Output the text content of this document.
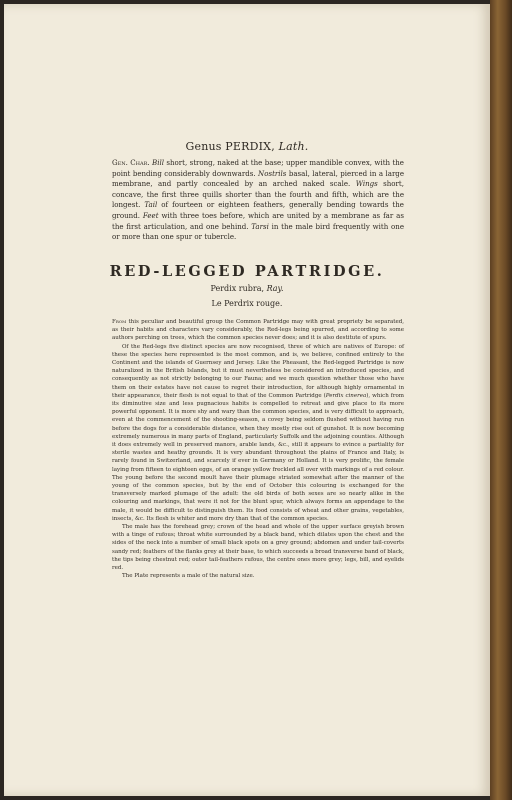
Genus PERDIX, Lath.
Gen. Char. Bill short, strong, naked at the base; upper mandible convex, with the point bending considerably downwards. Nostrils basal, lateral, pierced in a large membrane, and partly concealed by an arched naked scale. Wings short, concave, the first three quills shorter than the fourth and fifth, which are the longest. Tail of fourteen or eighteen feathers, generally bending towards the ground. Feet with three toes before, which are united by a membrane as far as the first articulation, and one behind. Tarsi in the male bird frequently with one or more than one spur or tubercle.
RED-LEGGED PARTRIDGE.
Perdix rubra, Ray.
Le Perdrix rouge.

From this peculiar and beautiful group the Common Partridge may with great propriety be separated, as their habits and characters vary considerably, the Red-legs being spurred, and according to some authors perching on trees, which the common species never does; and it is also destitute of spurs.

Of the Red-legs five distinct species are now recognised, three of which are natives of Europe: of these the species here represented is the most common, and is, we believe, confined entirely to the Continent and the islands of Guernsey and Jersey. Like the Pheasant, the Red-legged Partridge is now naturalized in the British Islands, but it must nevertheless be considered an introduced species, and consequently as not strictly belonging to our Fauna; and we much question whether those who have them on their estates have not cause to regret their introduction, for although highly ornamental in their appearance, their flesh is not equal to that of the Common Partridge (Perdix cinerea), which from its diminutive size and less pugnacious habits is compelled to retreat and give place to its more powerful opponent. It is more shy and wary than the common species, and is very difficult to approach, even at the commencement of the shooting-season, a covey being seldom flushed without having run before the dogs for a considerable distance, when they mostly rise out of gunshot. It is now becoming extremely numerous in many parts of England, particularly Suffolk and the adjoining counties. Although it does extremely well in preserved manors, arable lands, &c., still it appears to evince a partiality for sterile wastes and heathy grounds. It is very abundant throughout the plains of France and Italy, is rarely found in Switzerland, and scarcely if ever in Germany or Holland. It is very prolific, the female laying from fifteen to eighteen eggs, of an orange yellow freckled all over with markings of a red colour. The young before the second moult have their plumage striated somewhat after the manner of the young of the common species, but by the end of October this colouring is exchanged for the transversely marked plumage of the adult: the old birds of both sexes are so nearly alike in the colouring and markings, that were it not for the blunt spur, which always forms an appendage to the male, it would be difficult to distinguish them. Its food consists of wheat and other grains, vegetables, insects, &c. Its flesh is whiter and more dry than that of the common species.

The male has the forehead grey; crown of the head and whole of the upper surface greyish brown with a tinge of rufous; throat white surrounded by a black band, which dilates upon the chest and the sides of the neck into a number of small black spots on a grey ground; abdomen and under tail-coverts sandy red; feathers of the flanks grey at their base, to which succeeds a broad transverse band of black, the tips being chestnut red; outer tail-feathers rufous, the centre ones more grey; legs, bill, and eyelids red.

The Plate represents a male of the natural size.
